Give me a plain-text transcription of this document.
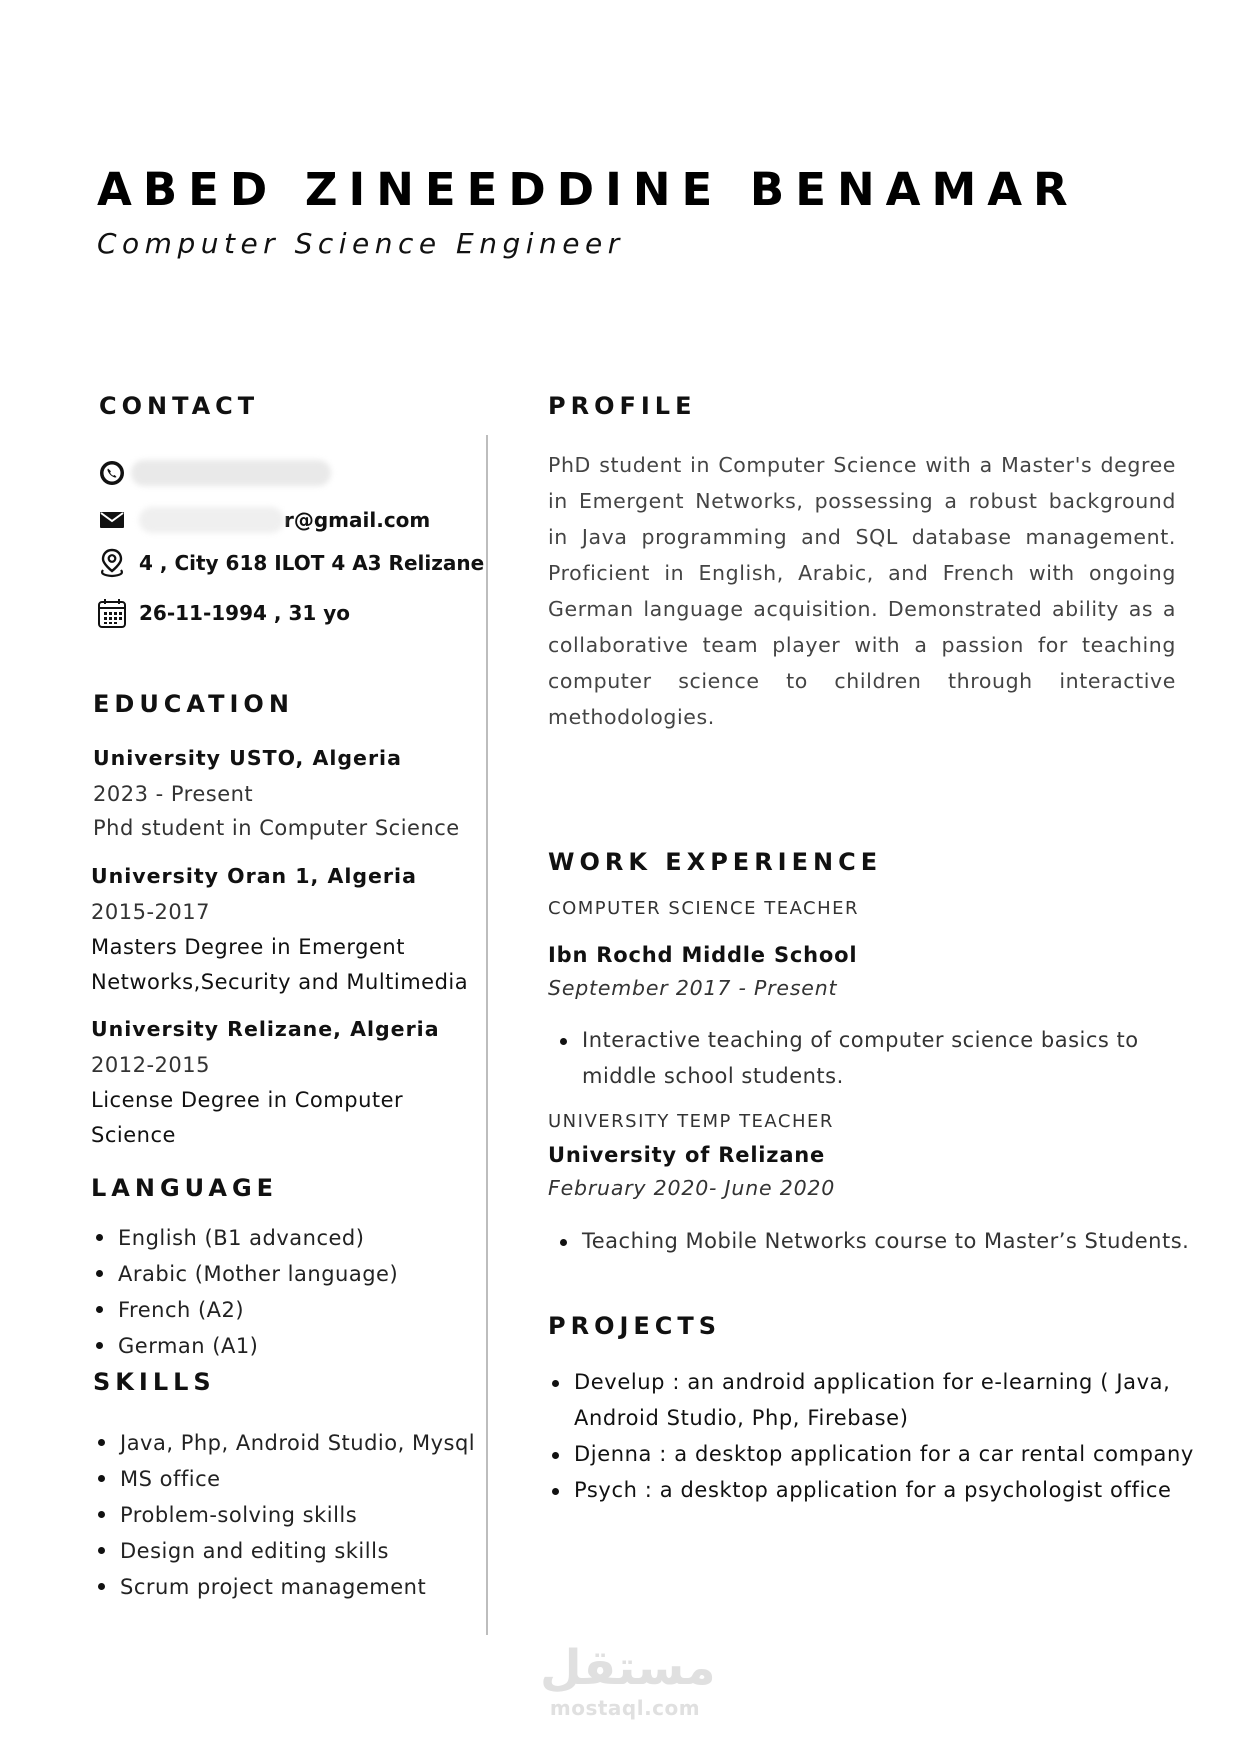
ABED ZINEEDDINE BENAMAR
Computer Science Engineer
CONTACT
r@gmail.com
4 , City 618 ILOT 4 A3 Relizane
26-11-1994 , 31 yo
EDUCATION
University USTO, Algeria
2023 - Present
Phd student in Computer Science
University Oran 1, Algeria
2015-2017
Masters Degree in Emergent
Networks,Security and Multimedia
University Relizane, Algeria
2012-2015
License Degree in Computer
Science
LANGUAGE
English (B1 advanced)
Arabic (Mother language)
French (A2)
German (A1)
SKILLS
Java, Php, Android Studio, Mysql
MS office
Problem-solving skills
Design and editing skills
Scrum project management
PROFILE
PhD student in Computer Science with a Master's degree in Emergent Networks, possessing a robust background in Java programming and SQL database management. Proficient in English, Arabic, and French with ongoing German language acquisition. Demonstrated ability as a collaborative team player with a passion for teaching computer science to children through interactive methodologies.
WORK EXPERIENCE
COMPUTER SCIENCE TEACHER
Ibn Rochd Middle School
September 2017 - Present
Interactive teaching of computer science basics to
middle school students.
UNIVERSITY TEMP TEACHER
University of Relizane
February 2020- June 2020
Teaching Mobile Networks course to Master’s Students.
PROJECTS
Develup : an android application for e-learning ( Java,
Android Studio, Php, Firebase)
Djenna : a desktop application for a car rental company
Psych : a desktop application for a psychologist office
مستقل
mostaql.com
